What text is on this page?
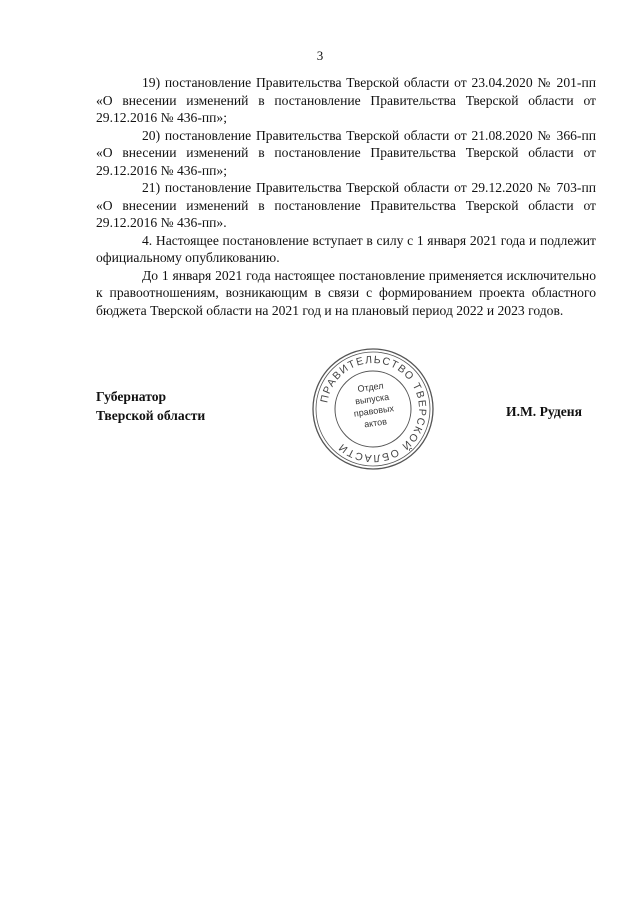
3

19) постановление Правительства Тверской области от 23.04.2020 № 201-пп «О внесении изменений в постановление Правительства Тверской области от 29.12.2016 № 436-пп»;

20) постановление Правительства Тверской области от 21.08.2020 № 366-пп «О внесении изменений в постановление Правительства Тверской области от 29.12.2016 № 436-пп»;

21) постановление Правительства Тверской области от 29.12.2020 № 703-пп «О внесении изменений в постановление Правительства Тверской области от 29.12.2016 № 436-пп».

4. Настоящее постановление вступает в силу с 1 января 2021 года и подлежит официальному опубликованию.

До 1 января 2021 года настоящее постановление применяется исключительно к правоотношениям, возникающим в связи с формированием проекта областного бюджета Тверской области на 2021 год и на плановый период 2022 и 2023 годов.

Губернатор
Тверской области
ПРАВИТЕЛЬСТВО ТВЕРСКОЙ ОБЛАСТИ
Отдел
выпуска
правовых
актов
И.М. Руденя
